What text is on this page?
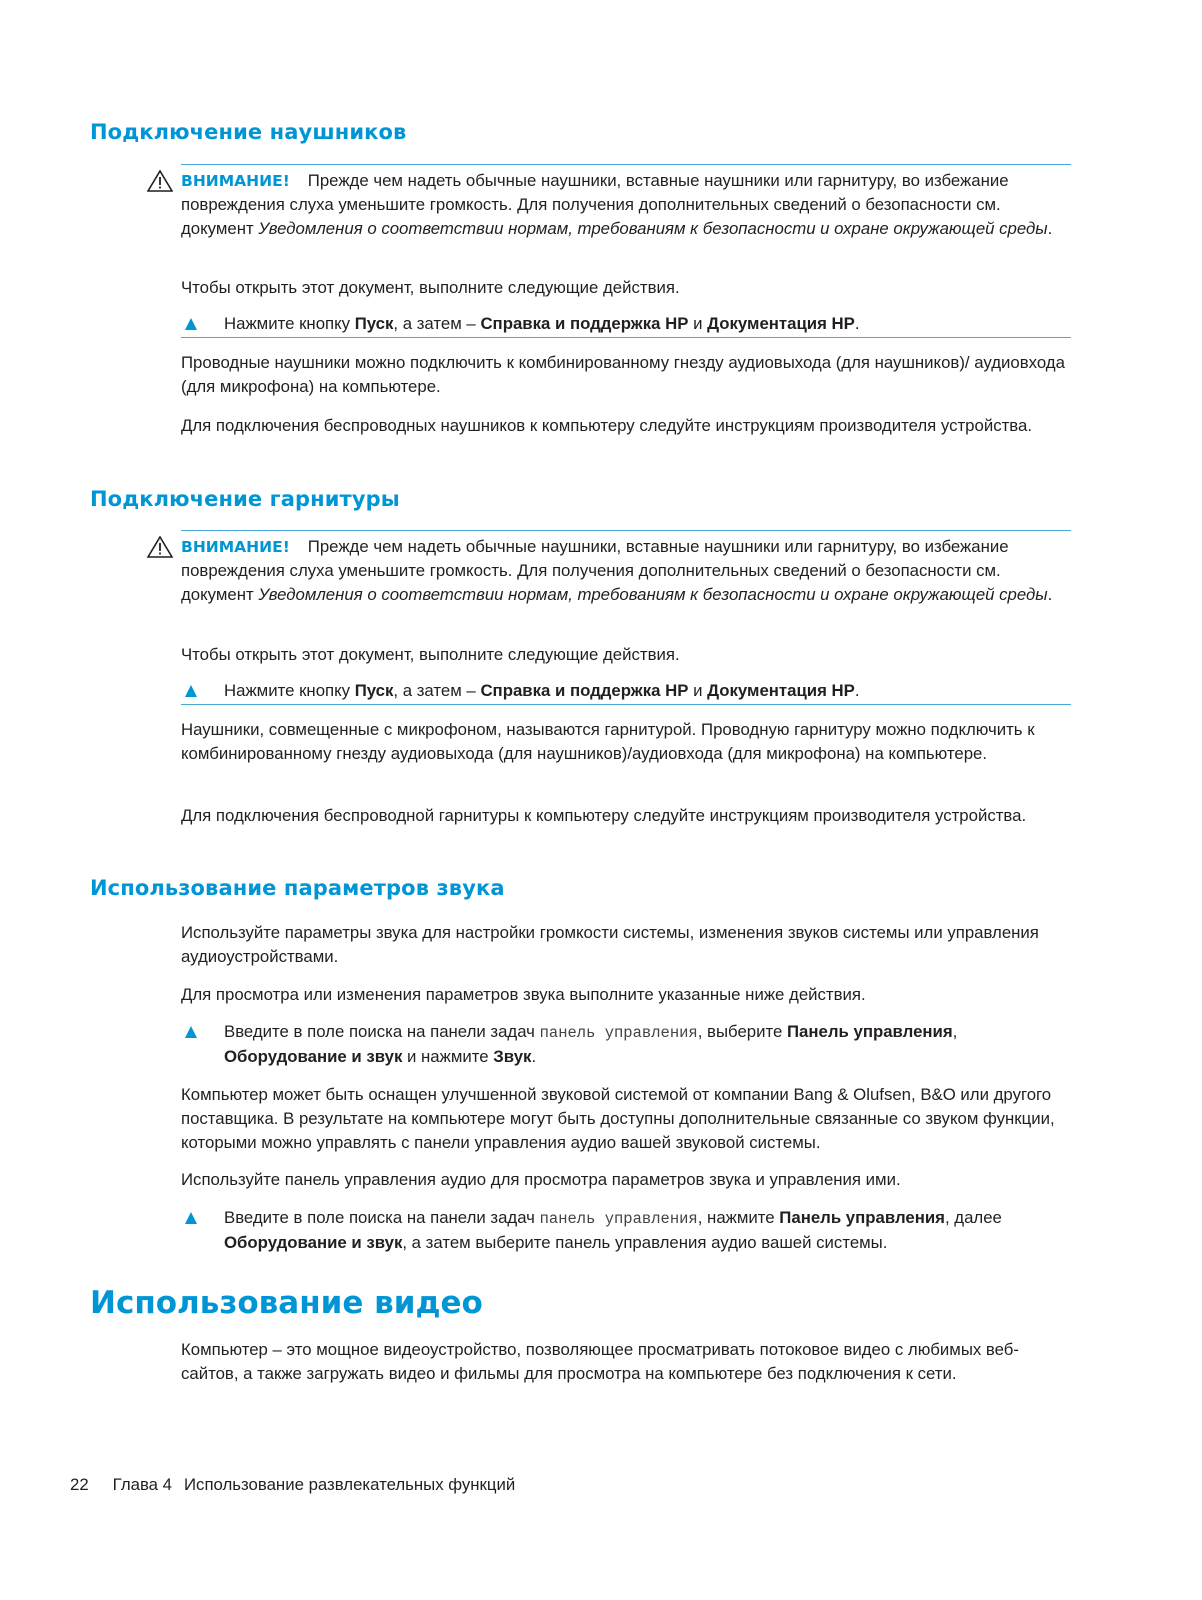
Подключение наушников

ВНИМАНИЕ! Прежде чем надеть обычные наушники, вставные наушники или гарнитуру, во избежание повреждения слуха уменьшите громкость. Для получения дополнительных сведений о безопасности см. документ Уведомления о соответствии нормам, требованиям к безопасности и охране окружающей среды.

Чтобы открыть этот документ, выполните следующие действия.

Нажмите кнопку Пуск, а затем – Справка и поддержка HP и Документация HP.

Проводные наушники можно подключить к комбинированному гнезду аудиовыхода (для наушников)/ аудиовхода (для микрофона) на компьютере.

Для подключения беспроводных наушников к компьютеру следуйте инструкциям производителя устройства.

Подключение гарнитуры

ВНИМАНИЕ! Прежде чем надеть обычные наушники, вставные наушники или гарнитуру, во избежание повреждения слуха уменьшите громкость. Для получения дополнительных сведений о безопасности см. документ Уведомления о соответствии нормам, требованиям к безопасности и охране окружающей среды.

Чтобы открыть этот документ, выполните следующие действия.

Нажмите кнопку Пуск, а затем – Справка и поддержка HP и Документация HP.

Наушники, совмещенные с микрофоном, называются гарнитурой. Проводную гарнитуру можно подключить к комбинированному гнезду аудиовыхода (для наушников)/аудиовхода (для микрофона) на компьютере.

Для подключения беспроводной гарнитуры к компьютеру следуйте инструкциям производителя устройства.

Использование параметров звука

Используйте параметры звука для настройки громкости системы, изменения звуков системы или управления аудиоустройствами.

Для просмотра или изменения параметров звука выполните указанные ниже действия.

Введите в поле поиска на панели задач панель управления, выберите Панель управления, Оборудование и звук и нажмите Звук.

Компьютер может быть оснащен улучшенной звуковой системой от компании Bang & Olufsen, B&O или другого поставщика. В результате на компьютере могут быть доступны дополнительные связанные со звуком функции, которыми можно управлять с панели управления аудио вашей звуковой системы.

Используйте панель управления аудио для просмотра параметров звука и управления ими.

Введите в поле поиска на панели задач панель управления, нажмите Панель управления, далее Оборудование и звук, а затем выберите панель управления аудио вашей системы.

Использование видео

Компьютер – это мощное видеоустройство, позволяющее просматривать потоковое видео с любимых веб-сайтов, а также загружать видео и фильмы для просмотра на компьютере без подключения к сети.

22 Глава 4 Использование развлекательных функций
